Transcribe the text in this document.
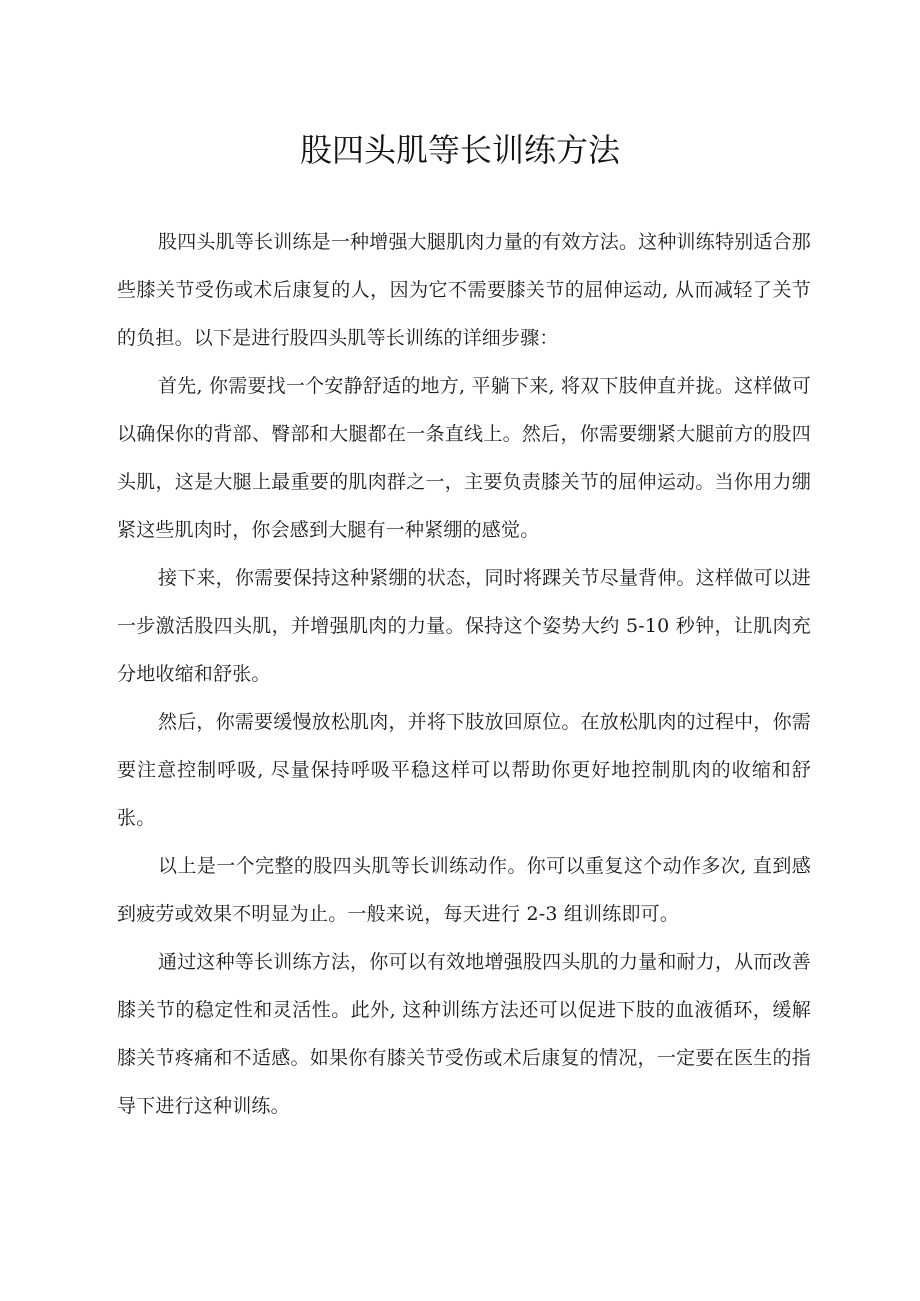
股四头肌等长训练方法

股四头肌等长训练是一种增强大腿肌肉力量的有效方法。这种训练特别适合那些膝关节受伤或术后康复的人，因为它不需要膝关节的屈伸运动, 从而减轻了关节的负担。以下是进行股四头肌等长训练的详细步骤：

首先, 你需要找一个安静舒适的地方, 平躺下来, 将双下肢伸直并拢。这样做可以确保你的背部、臀部和大腿都在一条直线上。然后，你需要绷紧大腿前方的股四头肌，这是大腿上最重要的肌肉群之一，主要负责膝关节的屈伸运动。当你用力绷紧这些肌肉时，你会感到大腿有一种紧绷的感觉。

接下来，你需要保持这种紧绷的状态，同时将踝关节尽量背伸。这样做可以进一步激活股四头肌，并增强肌肉的力量。保持这个姿势大约 5-10 秒钟，让肌肉充分地收缩和舒张。

然后，你需要缓慢放松肌肉，并将下肢放回原位。在放松肌肉的过程中，你需要注意控制呼吸, 尽量保持呼吸平稳这样可以帮助你更好地控制肌肉的收缩和舒张。

以上是一个完整的股四头肌等长训练动作。你可以重复这个动作多次, 直到感到疲劳或效果不明显为止。一般来说，每天进行 2-3 组训练即可。

通过这种等长训练方法，你可以有效地增强股四头肌的力量和耐力，从而改善膝关节的稳定性和灵活性。此外, 这种训练方法还可以促进下肢的血液循环，缓解膝关节疼痛和不适感。如果你有膝关节受伤或术后康复的情况，一定要在医生的指导下进行这种训练。
